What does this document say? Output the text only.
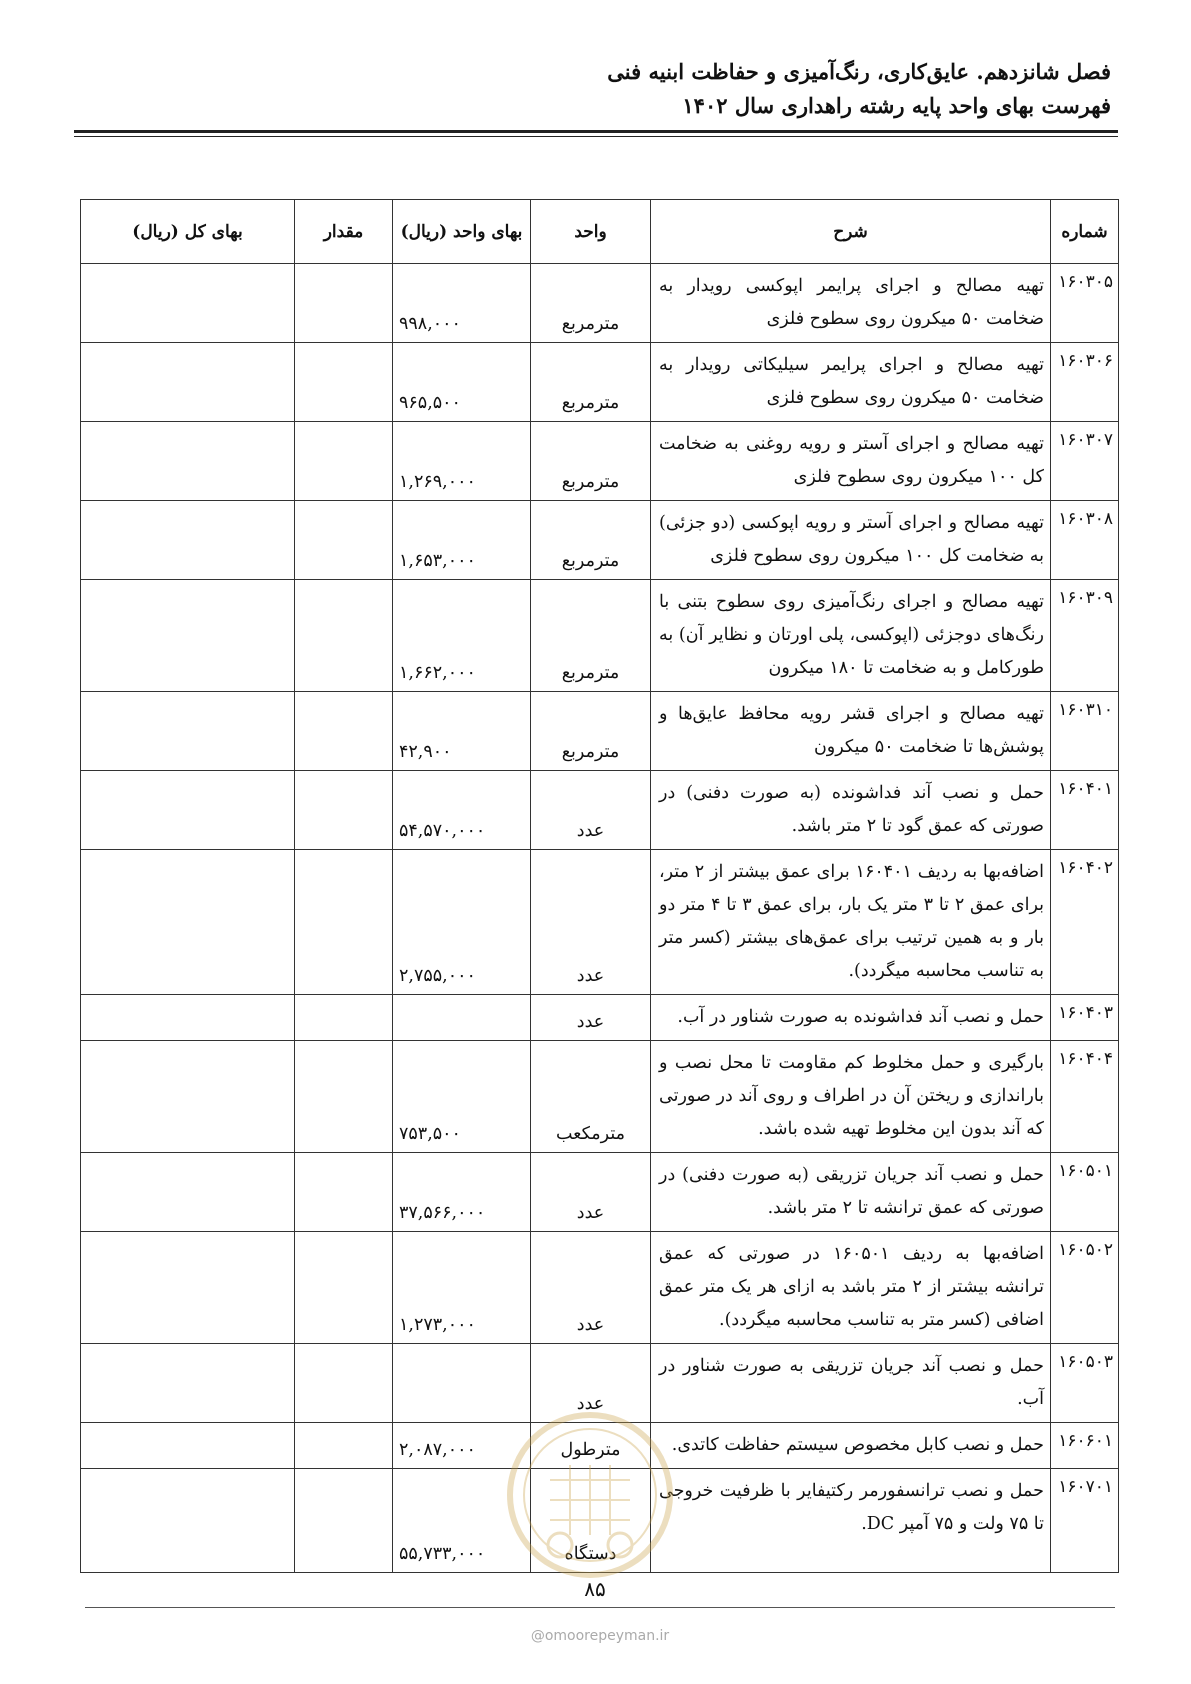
فصل شانزدهم. عایق‌کاری، رنگ‌آمیزی و حفاظت ابنیه فنی
فهرست بهای واحد پایه رشته راهداری سال ۱۴۰۲
شماره	شرح	واحد	بهای واحد (ریال)	مقدار	بهای کل (ریال)
۱۶۰۳۰۵	تهیه مصالح و اجرای پرایمر اپوکسی رویدار به ضخامت ۵۰ میکرون روی سطوح فلزی	مترمربع	۹۹۸,۰۰۰		
۱۶۰۳۰۶	تهیه مصالح و اجرای پرایمر سیلیکاتی رویدار به ضخامت ۵۰ میکرون روی سطوح فلزی	مترمربع	۹۶۵,۵۰۰		
۱۶۰۳۰۷	تهیه مصالح و اجرای آستر و رویه روغنی به ضخامت کل ۱۰۰ میکرون روی سطوح فلزی	مترمربع	۱,۲۶۹,۰۰۰		
۱۶۰۳۰۸	تهیه مصالح و اجرای آستر و رویه اپوکسی (دو جزئی) به ضخامت کل ۱۰۰ میکرون روی سطوح فلزی	مترمربع	۱,۶۵۳,۰۰۰		
۱۶۰۳۰۹	تهیه مصالح و اجرای رنگ‌آمیزی روی سطوح بتنی با رنگ‌های دوجزئی (اپوکسی، پلی اورتان و نظایر آن) به طورکامل و به ضخامت تا ۱۸۰ میکرون	مترمربع	۱,۶۶۲,۰۰۰		
۱۶۰۳۱۰	تهیه مصالح و اجرای قشر رویه محافظ عایق‌ها و پوشش‌ها تا ضخامت ۵۰ میکرون	مترمربع	۴۲,۹۰۰		
۱۶۰۴۰۱	حمل و نصب آند فداشونده (به صورت دفنی) در صورتی که عمق گود تا ۲ متر باشد.	عدد	۵۴,۵۷۰,۰۰۰		
۱۶۰۴۰۲	اضافه‌بها به ردیف ۱۶۰۴۰۱ برای عمق بیشتر از ۲ متر، برای عمق ۲ تا ۳ متر یک بار، برای عمق ۳ تا ۴ متر دو بار و به همین ترتیب برای عمق‌های بیشتر (کسر متر به تناسب محاسبه میگردد).	عدد	۲,۷۵۵,۰۰۰		
۱۶۰۴۰۳	حمل و نصب آند فداشونده به صورت شناور در آب.	عدد			
۱۶۰۴۰۴	بارگیری و حمل مخلوط کم مقاومت تا محل نصب و باراندازی و ریختن آن در اطراف و روی آند در صورتی که آند بدون این مخلوط تهیه شده باشد.	مترمکعب	۷۵۳,۵۰۰		
۱۶۰۵۰۱	حمل و نصب آند جریان تزریقی (به صورت دفنی) در صورتی که عمق ترانشه تا ۲ متر باشد.	عدد	۳۷,۵۶۶,۰۰۰		
۱۶۰۵۰۲	اضافه‌بها به ردیف ۱۶۰۵۰۱ در صورتی که عمق ترانشه بیشتر از ۲ متر باشد به ازای هر یک متر عمق اضافی (کسر متر به تناسب محاسبه میگردد).	عدد	۱,۲۷۳,۰۰۰		
۱۶۰۵۰۳	حمل و نصب آند جریان تزریقی به صورت شناور در آب.	عدد			
۱۶۰۶۰۱	حمل و نصب کابل مخصوص سیستم حفاظت کاتدی.	مترطول	۲,۰۸۷,۰۰۰		
۱۶۰۷۰۱	حمل و نصب ترانسفورمر رکتیفایر با ظرفیت خروجی تا ۷۵ ولت و ۷۵ آمپر DC.	دستگاه	۵۵,۷۳۳,۰۰۰		
۸۵
@omoorepeyman.ir
